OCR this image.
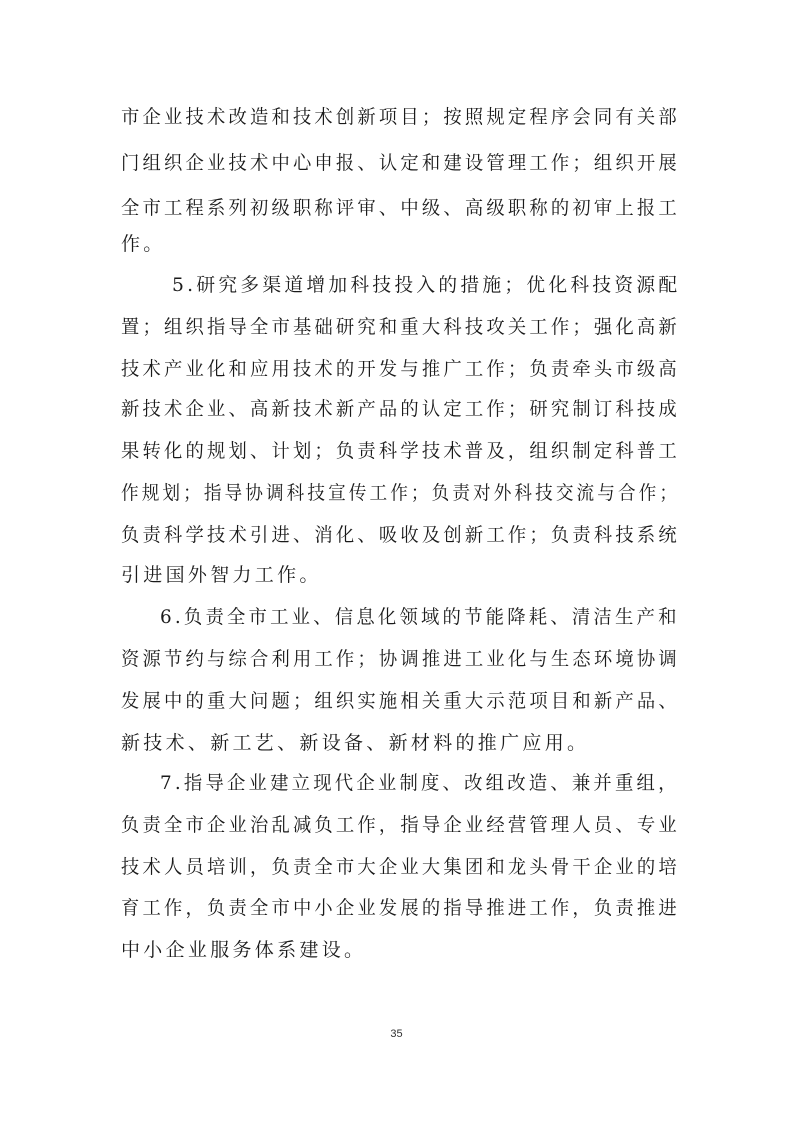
市企业技术改造和技术创新项目；按照规定程序会同有关部
门组织企业技术中心申报、认定和建设管理工作；组织开展
全市工程系列初级职称评审、中级、高级职称的初审上报工
作。
5.研究多渠道增加科技投入的措施；优化科技资源配
置；组织指导全市基础研究和重大科技攻关工作；强化高新
技术产业化和应用技术的开发与推广工作；负责牵头市级高
新技术企业、高新技术新产品的认定工作；研究制订科技成
果转化的规划、计划；负责科学技术普及，组织制定科普工
作规划；指导协调科技宣传工作；负责对外科技交流与合作；
负责科学技术引进、消化、吸收及创新工作；负责科技系统
引进国外智力工作。
6.负责全市工业、信息化领域的节能降耗、清洁生产和
资源节约与综合利用工作；协调推进工业化与生态环境协调
发展中的重大问题；组织实施相关重大示范项目和新产品、
新技术、新工艺、新设备、新材料的推广应用。
7.指导企业建立现代企业制度、改组改造、兼并重组，
负责全市企业治乱减负工作，指导企业经营管理人员、专业
技术人员培训，负责全市大企业大集团和龙头骨干企业的培
育工作，负责全市中小企业发展的指导推进工作，负责推进
中小企业服务体系建设。
35
